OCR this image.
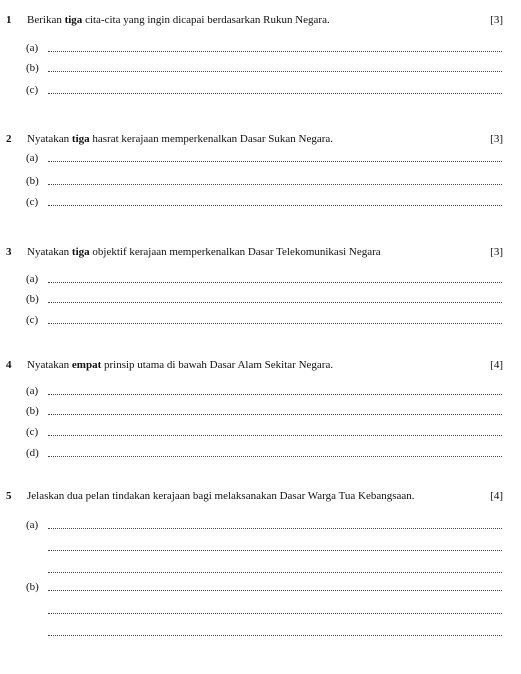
1 Berikan tiga cita-cita yang ingin dicapai berdasarkan Rukun Negara.	[3]
(a)
(b)
(c)
2 Nyatakan tiga hasrat kerajaan memperkenalkan Dasar Sukan Negara.	[3]
(a)
(b)
(c)
3 Nyatakan tiga objektif kerajaan memperkenalkan Dasar Telekomunikasi Negara	[3]
(a)
(b)
(c)
4 Nyatakan empat prinsip utama di bawah Dasar Alam Sekitar Negara.	[4]
(a)
(b)
(c)
(d)
5 Jelaskan dua pelan tindakan kerajaan bagi melaksanakan Dasar Warga Tua Kebangsaan.	[4]
(a)
(b)
